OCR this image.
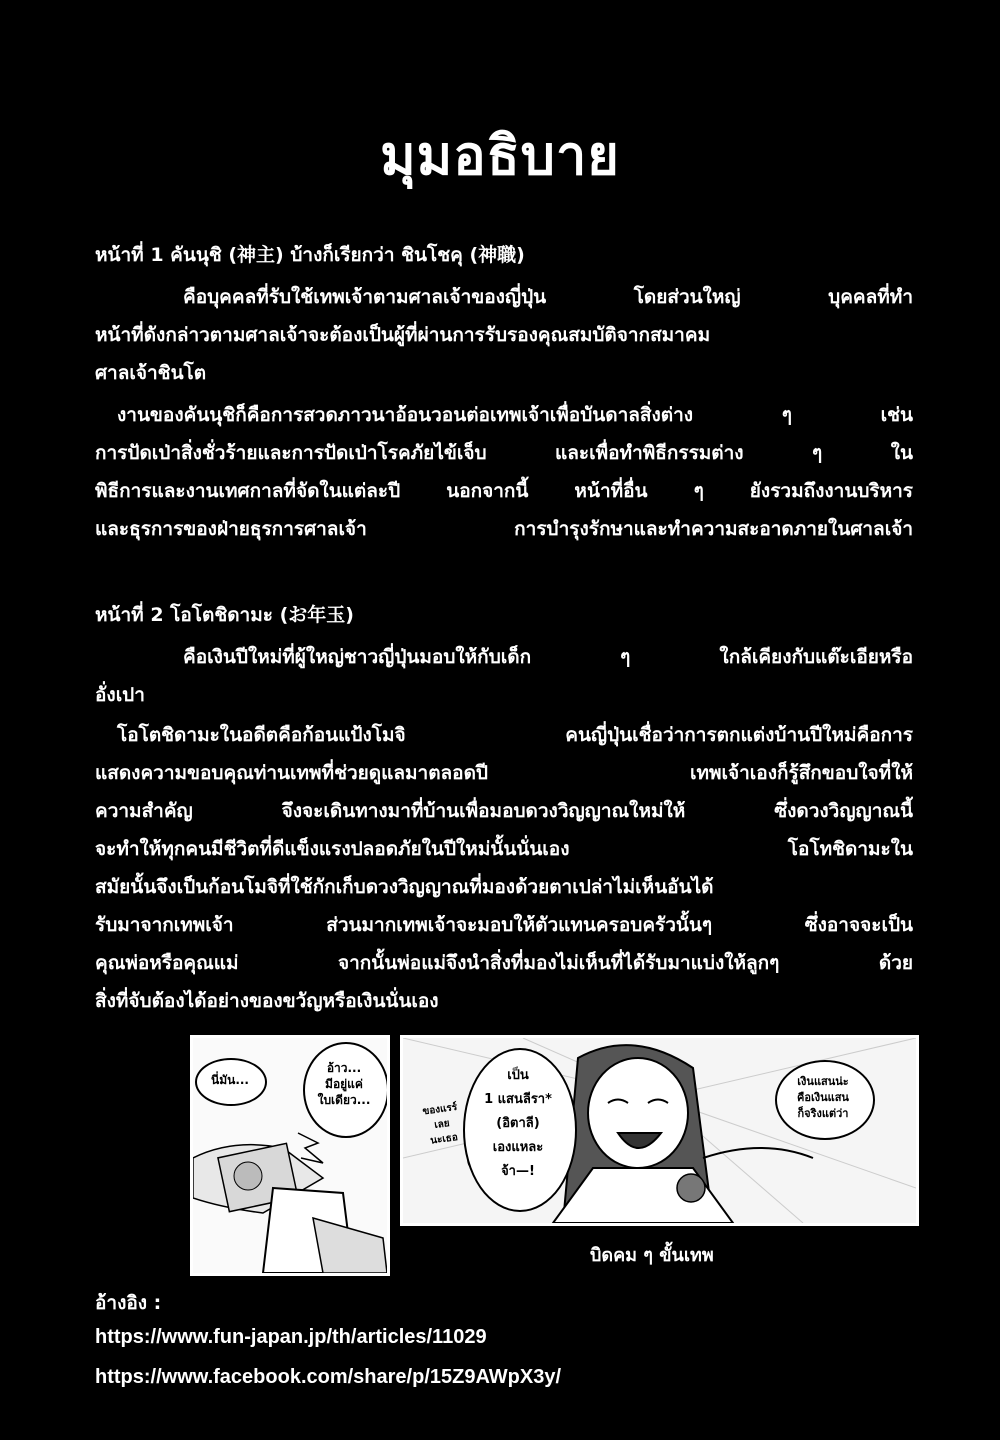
มุมอธิบาย
หน้าที่ 1 คันนุชิ (神主) บ้างก็เรียกว่า ชินโชคุ (神職)
คือบุคคลที่รับใช้เทพเจ้าตามศาลเจ้าของญี่ปุ่น โดยส่วนใหญ่ บุคคลที่ทำ
หน้าที่ดังกล่าวตามศาลเจ้าจะต้องเป็นผู้ที่ผ่านการรับรองคุณสมบัติจากสมาคม
ศาลเจ้าชินโต
งานของคันนุชิก็คือการสวดภาวนาอ้อนวอนต่อเทพเจ้าเพื่อบันดาลสิ่งต่าง ๆ เช่น
การปัดเป่าสิ่งชั่วร้ายและการปัดเป่าโรคภัยไข้เจ็บ และเพื่อทำพิธีกรรมต่าง ๆ ใน
พิธีการและงานเทศกาลที่จัดในแต่ละปี นอกจากนี้ หน้าที่อื่น ๆ ยังรวมถึงงานบริหาร
และธุรการของฝ่ายธุรการศาลเจ้า การบำรุงรักษาและทำความสะอาดภายในศาลเจ้า
หน้าที่ 2 โอโตชิดามะ (お年玉)
คือเงินปีใหม่ที่ผู้ใหญ่ชาวญี่ปุ่นมอบให้กับเด็ก ๆ ใกล้เคียงกับแต๊ะเอียหรือ
อั่งเปา
โอโตชิดามะในอดีตคือก้อนแป้งโมจิ คนญี่ปุ่นเชื่อว่าการตกแต่งบ้านปีใหม่คือการ
แสดงความขอบคุณท่านเทพที่ช่วยดูแลมาตลอดปี เทพเจ้าเองก็รู้สึกขอบใจที่ให้
ความสำคัญ จึงจะเดินทางมาที่บ้านเพื่อมอบดวงวิญญาณใหม่ให้ ซึ่งดวงวิญญาณนี้
จะทำให้ทุกคนมีชีวิตที่ดีแข็งแรงปลอดภัยในปีใหม่นั้นนั่นเอง โอโทชิดามะใน
สมัยนั้นจึงเป็นก้อนโมจิที่ใช้กักเก็บดวงวิญญาณที่มองด้วยตาเปล่าไม่เห็นอันได้
รับมาจากเทพเจ้า ส่วนมากเทพเจ้าจะมอบให้ตัวแทนครอบครัวนั้นๆ ซึ่งอาจจะเป็น
คุณพ่อหรือคุณแม่ จากนั้นพ่อแม่จึงนำสิ่งที่มองไม่เห็นที่ได้รับมาแบ่งให้ลูกๆ ด้วย
สิ่งที่จับต้องได้อย่างของขวัญหรือเงินนั่นเอง
นี่มัน...
อ้าว...
มีอยู่แค่
ใบเดียว...
เป็น
1 แสนลีรา*
(อิตาลี)
เองแหละ
จ้า—!
ของแรร์
เลย
นะเธอ
เงินแสนน่ะ
คือเงินแสน
ก็จริงแต่ว่า
บิดคม ๆ ขั้นเทพ
อ้างอิง :
https://www.fun-japan.jp/th/articles/11029
https://www.facebook.com/share/p/15Z9AWpX3y/
